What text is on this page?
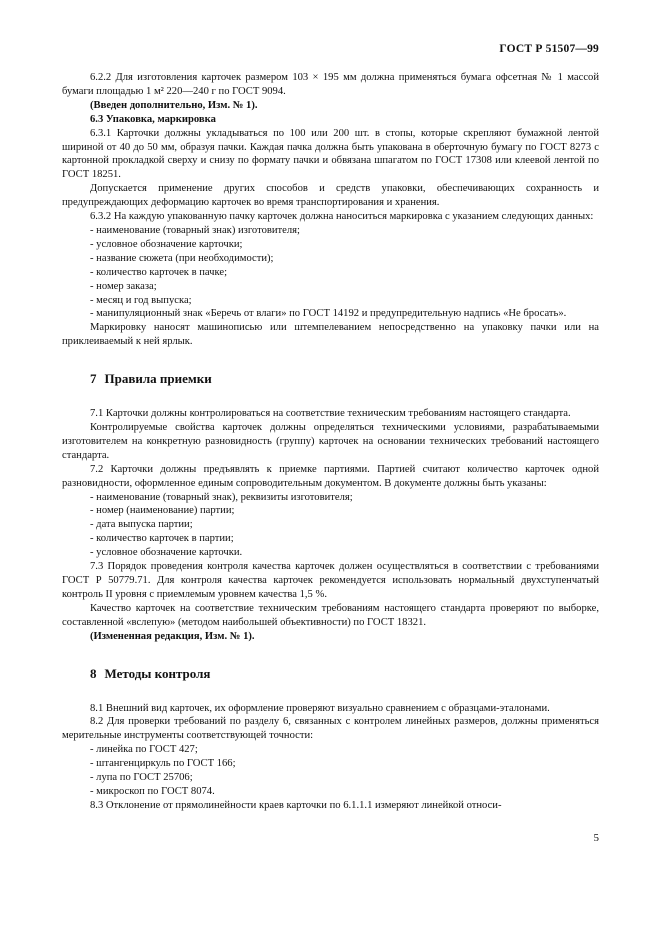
ГОСТ Р 51507—99

6.2.2 Для изготовления карточек размером 103 × 195 мм должна применяться бумага офсетная № 1 массой бумаги площадью 1 м² 220—240 г по ГОСТ 9094.

(Введен дополнительно, Изм. № 1).

6.3 Упаковка, маркировка

6.3.1 Карточки должны укладываться по 100 или 200 шт. в стопы, которые скрепляют бумажной лентой шириной от 40 до 50 мм, образуя пачки. Каждая пачка должна быть упакована в оберточную бумагу по ГОСТ 8273 с картонной прокладкой сверху и снизу по формату пачки и обвязана шпагатом по ГОСТ 17308 или клеевой лентой по ГОСТ 18251.

Допускается применение других способов и средств упаковки, обеспечивающих сохранность и предупреждающих деформацию карточек во время транспортирования и хранения.

6.3.2 На каждую упакованную пачку карточек должна наноситься маркировка с указанием следующих данных:

- наименование (товарный знак) изготовителя;

- условное обозначение карточки;

- название сюжета (при необходимости);

- количество карточек в пачке;

- номер заказа;

- месяц и год выпуска;

- манипуляционный знак «Беречь от влаги» по ГОСТ 14192 и предупредительную надпись «Не бросать».

Маркировку наносят машинописью или штемпелеванием непосредственно на упаковку пачки или на приклеиваемый к ней ярлык.

7 Правила приемки

7.1 Карточки должны контролироваться на соответствие техническим требованиям настоящего стандарта.

Контролируемые свойства карточек должны определяться техническими условиями, разрабатываемыми изготовителем на конкретную разновидность (группу) карточек на основании технических требований настоящего стандарта.

7.2 Карточки должны предъявлять к приемке партиями. Партией считают количество карточек одной разновидности, оформленное единым сопроводительным документом. В документе должны быть указаны:

- наименование (товарный знак), реквизиты изготовителя;

- номер (наименование) партии;

- дата выпуска партии;

- количество карточек в партии;

- условное обозначение карточки.

7.3 Порядок проведения контроля качества карточек должен осуществляться в соответствии с требованиями ГОСТ Р 50779.71. Для контроля качества карточек рекомендуется использовать нормальный двухступенчатый контроль II уровня с приемлемым уровнем качества 1,5 %.

Качество карточек на соответствие техническим требованиям настоящего стандарта проверяют по выборке, составленной «вслепую» (методом наибольшей объективности) по ГОСТ 18321.

(Измененная редакция, Изм. № 1).

8 Методы контроля

8.1 Внешний вид карточек, их оформление проверяют визуально сравнением с образцами-эталонами.

8.2 Для проверки требований по разделу 6, связанных с контролем линейных размеров, должны применяться мерительные инструменты соответствующей точности:

- линейка по ГОСТ 427;

- штангенциркуль по ГОСТ 166;

- лупа по ГОСТ 25706;

- микроскоп по ГОСТ 8074.

8.3 Отклонение от прямолинейности краев карточки по 6.1.1.1 измеряют линейкой относи-

5
